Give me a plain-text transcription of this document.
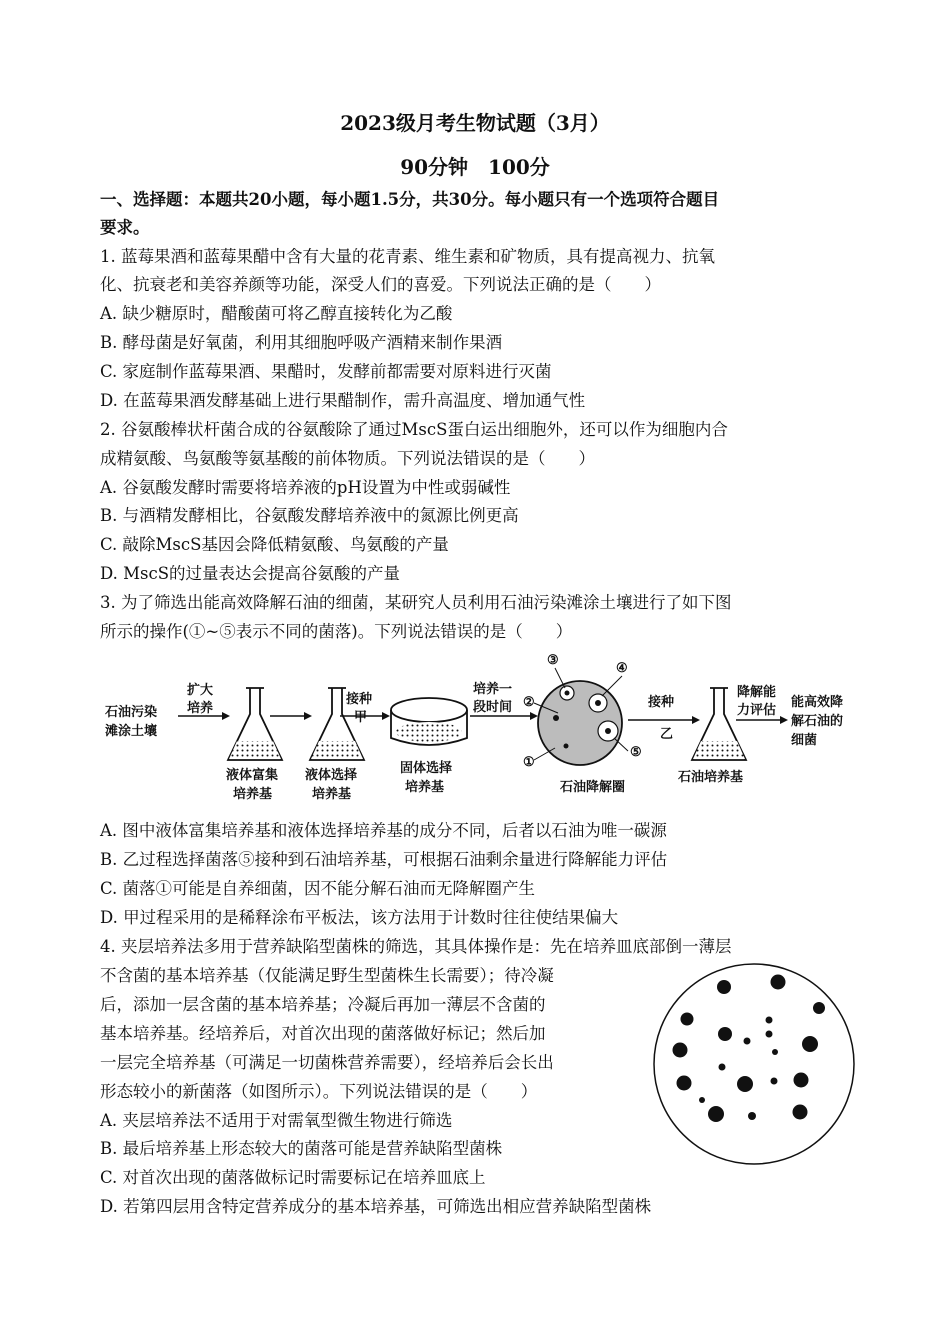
2023级月考生物试题（3月）
90分钟　100分
一、选择题：本题共20小题，每小题1.5分，共30分。每小题只有一个选项符合题目
要求。
1. 蓝莓果酒和蓝莓果醋中含有大量的花青素、维生素和矿物质，具有提高视力、抗氧
化、抗衰老和美容养颜等功能，深受人们的喜爱。下列说法正确的是（　　）
A. 缺少糖原时，醋酸菌可将乙醇直接转化为乙酸
B. 酵母菌是好氧菌，利用其细胞呼吸产酒精来制作果酒
C. 家庭制作蓝莓果酒、果醋时，发酵前都需要对原料进行灭菌
D. 在蓝莓果酒发酵基础上进行果醋制作，需升高温度、增加通气性
2. 谷氨酸棒状杆菌合成的谷氨酸除了通过MscS蛋白运出细胞外，还可以作为细胞内合
成精氨酸、鸟氨酸等氨基酸的前体物质。下列说法错误的是（　　）
A. 谷氨酸发酵时需要将培养液的pH设置为中性或弱碱性
B. 与酒精发酵相比，谷氨酸发酵培养液中的氮源比例更高
C. 敲除MscS基因会降低精氨酸、鸟氨酸的产量
D. MscS的过量表达会提高谷氨酸的产量
3. 为了筛选出能高效降解石油的细菌，某研究人员利用石油污染滩涂土壤进行了如下图
所示的操作(①~⑤表示不同的菌落)。下列说法错误的是（　　）
石油污染
滩涂土壤
扩大
培养
液体富集
培养基
液体选择
培养基
接种
甲
固体选择
培养基
培养一
段时间 ②
③
④
⑤
①
石油降解圈
接种
乙
石油培养基
降解能
力评估
能高效降
解石油的
细菌
A. 图中液体富集培养基和液体选择培养基的成分不同，后者以石油为唯一碳源
B. 乙过程选择菌落⑤接种到石油培养基，可根据石油剩余量进行降解能力评估
C. 菌落①可能是自养细菌，因不能分解石油而无降解圈产生
D. 甲过程采用的是稀释涂布平板法，该方法用于计数时往往使结果偏大
4. 夹层培养法多用于营养缺陷型菌株的筛选，其具体操作是：先在培养皿底部倒一薄层
不含菌的基本培养基（仅能满足野生型菌株生长需要）；待冷凝
后，添加一层含菌的基本培养基；冷凝后再加一薄层不含菌的
基本培养基。经培养后，对首次出现的菌落做好标记；然后加
一层完全培养基（可满足一切菌株营养需要），经培养后会长出
形态较小的新菌落（如图所示）。下列说法错误的是（　　）
A. 夹层培养法不适用于对需氧型微生物进行筛选
B. 最后培养基上形态较大的菌落可能是营养缺陷型菌株
C. 对首次出现的菌落做标记时需要标记在培养皿底上
D. 若第四层用含特定营养成分的基本培养基，可筛选出相应营养缺陷型菌株
